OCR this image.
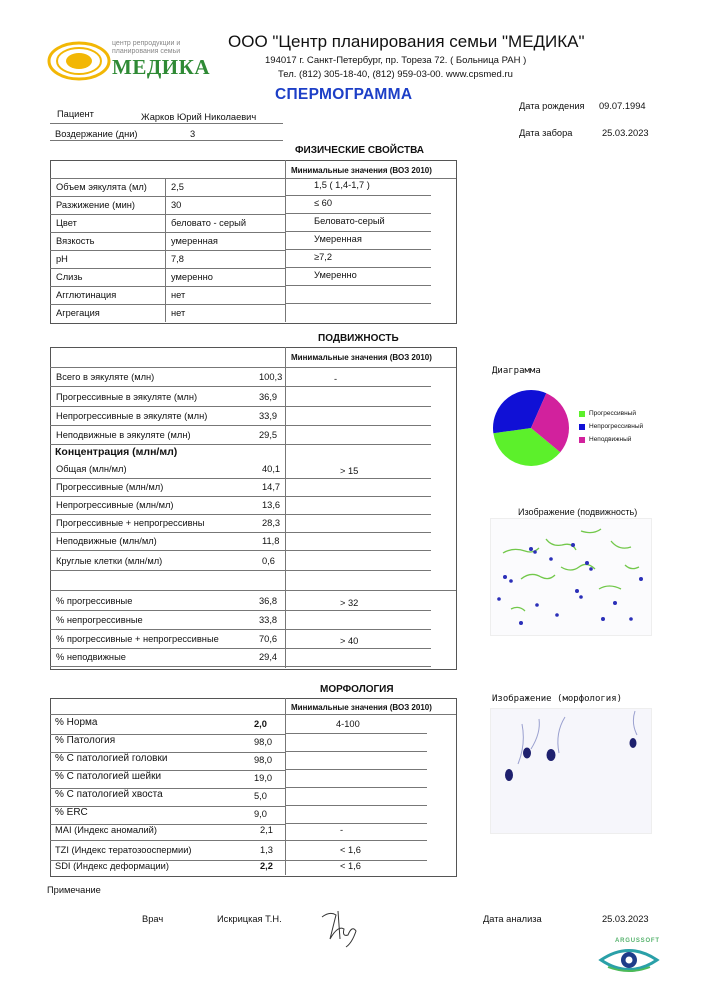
центр репродукции и планирования семьи
МЕДИКА
ООО "Центр планирования семьи "МЕДИКА"
194017 г. Санкт-Петербург, пр. Тореза 72. ( Больница РАН )
Тел. (812) 305-18-40, (812) 959-03-00. www.cpsmed.ru
СПЕРМОГРАММА
Пациент	Жарков Юрий Николаевич
Воздержание (дни)	3
Дата рождения 09.07.1994
Дата забора	25.03.2023
ФИЗИЧЕСКИЕ СВОЙСТВА
Минимальные значения (ВОЗ 2010)
Объем эякулята (мл)	2,5	1,5 ( 1,4-1,7 )
Разжижение (мин)	30	≤ 60
Цвет	беловато - серый	Беловато-серый
Вязкость	умеренная	Умеренная
pH	7,8	≥7,2
Слизь	умеренно	Умеренно
Агглютинация	нет
Агрегация	нет
ПОДВИЖНОСТЬ
Минимальные значения (ВОЗ 2010)
Концентрация (млн/мл)
Всего в эякуляте (млн)	100,3	-
Прогрессивные в эякуляте (млн)	36,9
Непрогрессивные в эякуляте (млн)	33,9
Неподвижные в эякуляте (млн)	29,5
Общая (млн/мл)	40,1	> 15
Прогрессивные (млн/мл)	14,7
Непрогрессивные (млн/мл)	13,6
Прогрессивные + непрогрессивны	28,3
Неподвижные (млн/мл)	11,8
Круглые клетки (млн/мл)	0,6
% прогрессивные	36,8	> 32
% непрогрессивные	33,8
% прогрессивные + непрогрессивные	70,6	> 40
% неподвижные	29,4
Диаграмма
Прогрессивный
Непрогрессивный
Неподвижный
Изображение (подвижность)
МОРФОЛОГИЯ
Минимальные значения (ВОЗ 2010)
% Норма	2,0	4-100
% Патология	98,0
% С патологией головки	98,0
% С патологией шейки	19,0
% С патологией хвоста	5,0
% ERC	9,0
MAI (Индекс аномалий)	2,1	-
TZI (Индекс тератозооспермии)	1,3	< 1,6
SDI (Индекс деформации)	2,2	< 1,6
Изображение (морфология)
Примечание
Врач	Искрицкая Т.Н.	Дата анализа	25.03.2023
ARGUSSOFT
